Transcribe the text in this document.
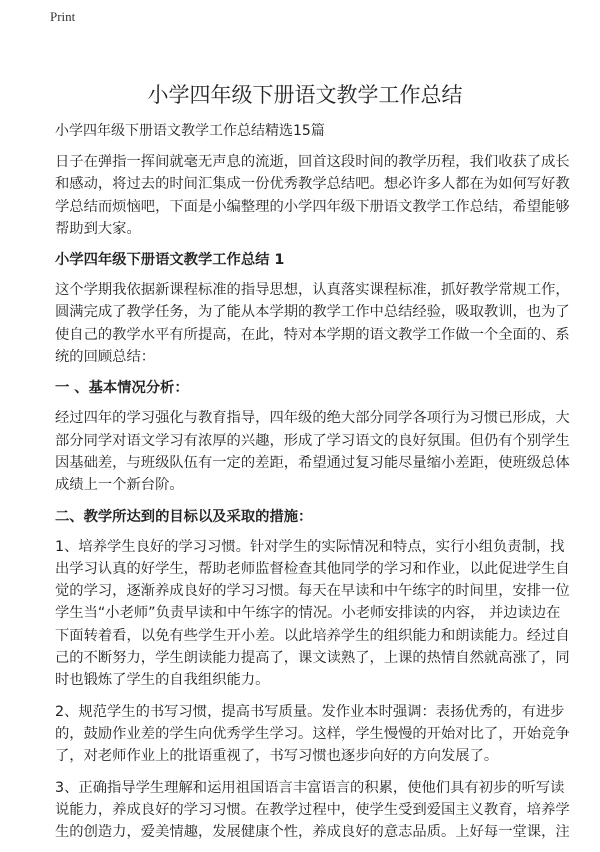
Print
小学四年级下册语文教学工作总结
小学四年级下册语文教学工作总结精选15篇
日子在弹指一挥间就毫无声息的流逝，回首这段时间的教学历程，我们收获了成长
和感动，将过去的时间汇集成一份优秀教学总结吧。想必许多人都在为如何写好教
学总结而烦恼吧，下面是小编整理的小学四年级下册语文教学工作总结，希望能够
帮助到大家。
小学四年级下册语文教学工作总结 1
这个学期我依据新课程标准的指导思想，认真落实课程标准，抓好教学常规工作，
圆满完成了教学任务，为了能从本学期的教学工作中总结经验，吸取教训，也为了
使自己的教学水平有所提高，在此，特对本学期的语文教学工作做一个全面的、系
统的回顾总结：
一 、基本情况分析：
经过四年的学习强化与教育指导，四年级的绝大部分同学各项行为习惯已形成，大
部分同学对语文学习有浓厚的兴趣，形成了学习语文的良好氛围。但仍有个别学生
因基础差，与班级队伍有一定的差距，希望通过复习能尽量缩小差距，使班级总体
成绩上一个新台阶。
二、教学所达到的目标以及采取的措施：
1、培养学生良好的学习习惯。针对学生的实际情况和特点，实行小组负责制，找
出学习认真的好学生，帮助老师监督检查其他同学的学习和作业，以此促进学生自
觉的学习，逐渐养成良好的学习习惯。每天在早读和中午练字的时间里，安排一位
学生当“小老师”负责早读和中午练字的情况。小老师安排读的内容， 并边读边在
下面转着看，以免有些学生开小差。以此培养学生的组织能力和朗读能力。经过自
己的不断努力，学生朗读能力提高了，课文读熟了，上课的热情自然就高涨了，同
时也锻炼了学生的自我组织能力。
2、规范学生的书写习惯，提高书写质量。发作业本时强调：表扬优秀的，有进步
的，鼓励作业差的学生向优秀学生学习。这样，学生慢慢的开始对比了，开始竞争
了，对老师作业上的批语重视了，书写习惯也逐步向好的方向发展了。
3、正确指导学生理解和运用祖国语言丰富语言的积累，使他们具有初步的听写读
说能力，养成良好的学习习惯。在教学过程中，使学生受到爱国主义教育，培养学
生的创造力，爱美情趣，发展健康个性，养成良好的意志品质。上好每一堂课，注
